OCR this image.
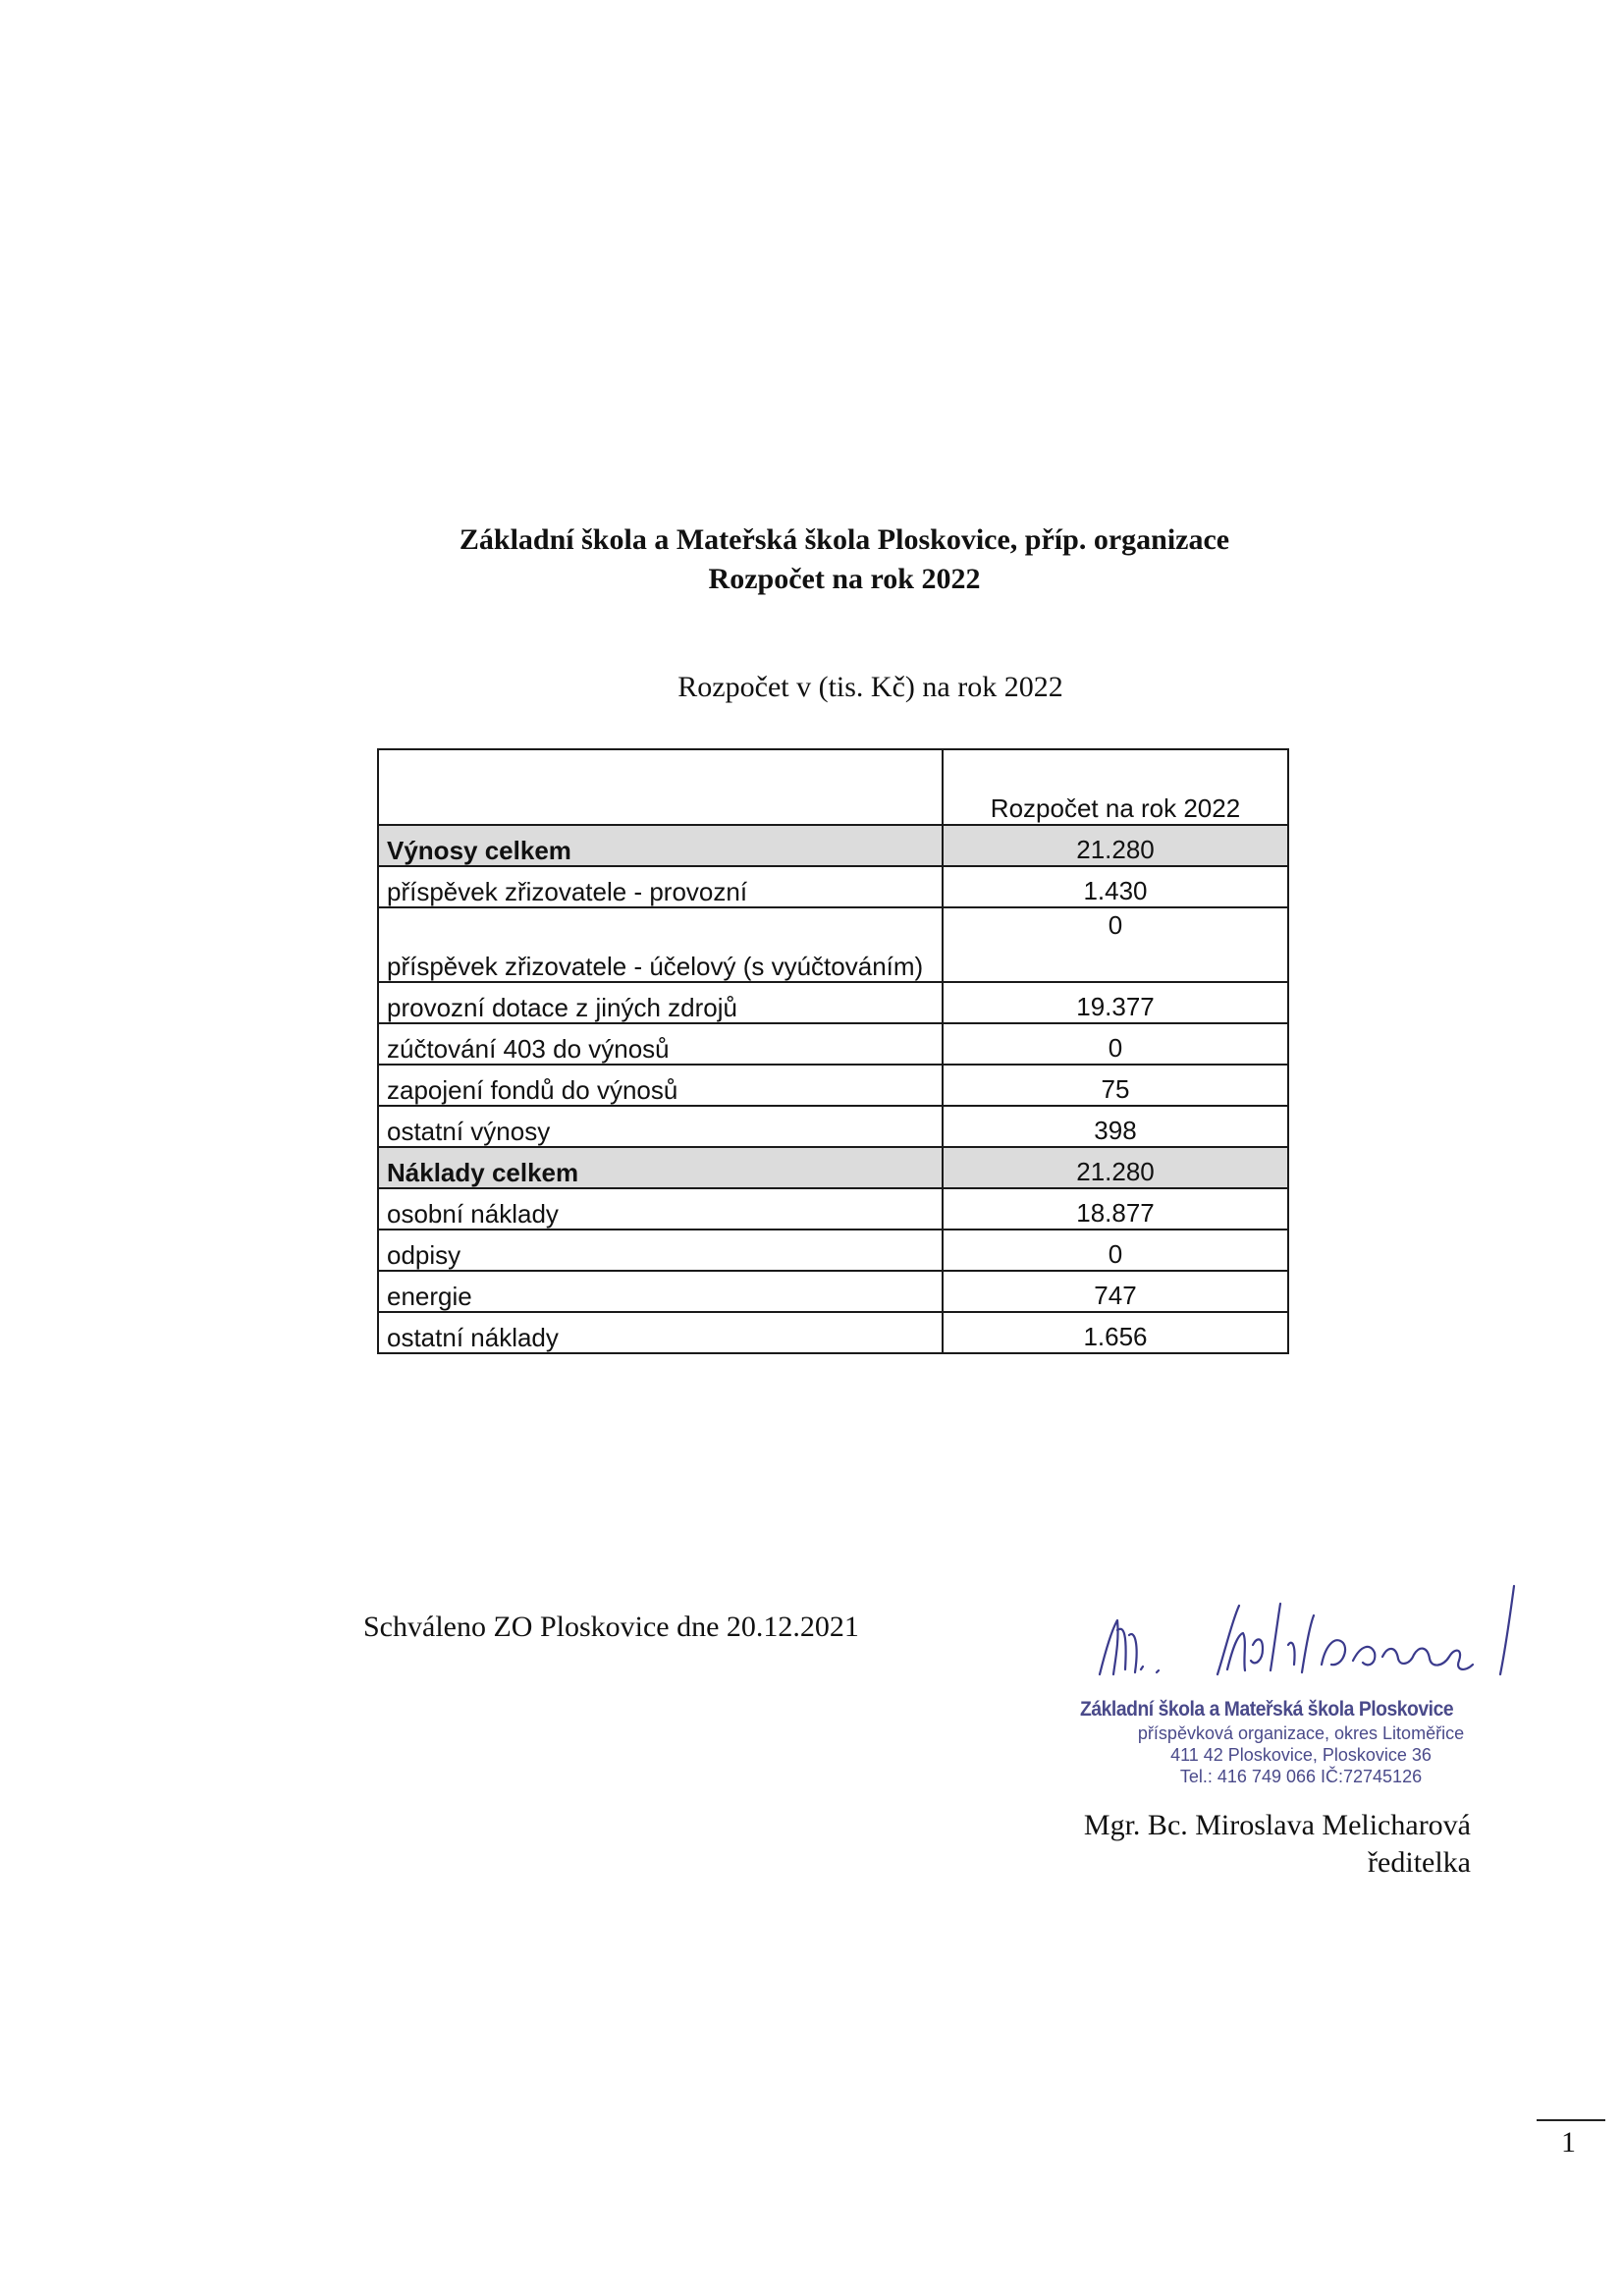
Základní škola a Mateřská škola Ploskovice, příp. organizace
Rozpočet na rok 2022
Rozpočet v (tis. Kč) na rok 2022
	Rozpočet na rok 2022
Výnosy celkem	21.280
příspěvek zřizovatele - provozní	1.430
příspěvek zřizovatele - účelový (s vyúčtováním)	0
provozní dotace z jiných zdrojů	19.377
zúčtování 403 do výnosů	0
zapojení fondů do výnosů	75
ostatní výnosy	398
Náklady celkem	21.280
osobní náklady	18.877
odpisy	0
energie	747
ostatní náklady	1.656
Schváleno ZO Ploskovice dne 20.12.2021
Základní škola a Mateřská škola Ploskovice
příspěvková organizace, okres Litoměřice
411 42 Ploskovice, Ploskovice 36
Tel.: 416 749 066 IČ:72745126
Mgr. Bc. Miroslava Melicharová
ředitelka
1
